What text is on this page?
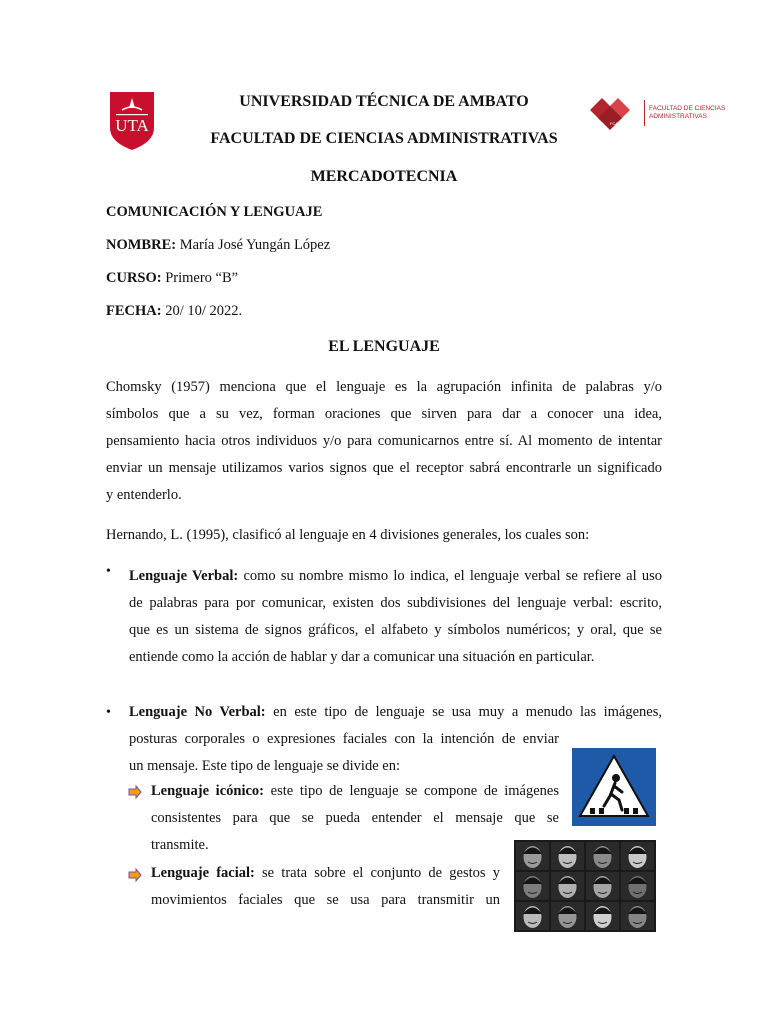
UTA	FCADM
FACULTAD DE CIENCIAS
ADMINISTRATIVAS
UNIVERSIDAD TÉCNICA DE AMBATO
FACULTAD DE CIENCIAS ADMINISTRATIVAS
MERCADOTECNIA
COMUNICACIÓN Y LENGUAJE
NOMBRE: María José Yungán López
CURSO: Primero “B”
FECHA: 20/ 10/ 2022.
EL LENGUAJE
Chomsky (1957) menciona que el lenguaje es la agrupación infinita de palabras y/o
símbolos que a su vez, forman oraciones que sirven para dar a conocer una idea,
pensamiento hacia otros individuos y/o para comunicarnos entre sí. Al momento de intentar
enviar un mensaje utilizamos varios signos que el receptor sabrá encontrarle un significado
y entenderlo.
Hernando, L. (1995), clasificó al lenguaje en 4 divisiones generales, los cuales son:
• Lenguaje Verbal: como su nombre mismo lo indica, el lenguaje verbal se refiere al uso
de palabras para por comunicar, existen dos subdivisiones del lenguaje verbal: escrito,
que es un sistema de signos gráficos, el alfabeto y símbolos numéricos; y oral, que se
entiende como la acción de hablar y dar a comunicar una situación en particular.
• Lenguaje No Verbal: en este tipo de lenguaje se usa muy a menudo las imágenes,
posturas corporales o expresiones faciales con la intención de enviar
un mensaje. Este tipo de lenguaje se divide en:
Lenguaje icónico: este tipo de lenguaje se compone de imágenes
consistentes para que se pueda entender el mensaje que se
transmite.
Lenguaje facial: se trata sobre el conjunto de gestos y
movimientos faciales que se usa para transmitir un
